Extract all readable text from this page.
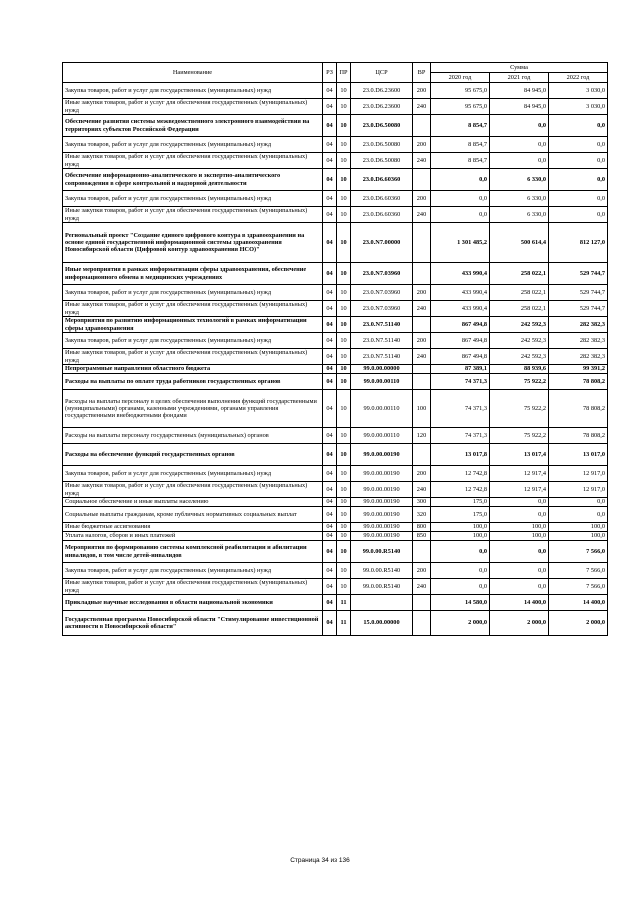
Наименование	РЗ	ПР	ЦСР	ВР	Сумма		
					2020 год	2021 год	2022 год
Закупка товаров, работ и услуг для государственных (муниципальных) нужд	04	10	23.0.D6.23600	200	95 675,0	84 945,0	3 030,0
Иные закупки товаров, работ и услуг для обеспечения государственных (муниципальных) нужд	04	10	23.0.D6.23600	240	95 675,0	84 945,0	3 030,0
Обеспечение развития системы межведомственного электронного взаимодействия на территориях субъектов Российской Федерации	04	10	23.0.D6.50080		8 854,7	0,0	0,0
Закупка товаров, работ и услуг для государственных (муниципальных) нужд	04	10	23.0.D6.50080	200	8 854,7	0,0	0,0
Иные закупки товаров, работ и услуг для обеспечения государственных (муниципальных) нужд	04	10	23.0.D6.50080	240	8 854,7	0,0	0,0
Обеспечение информационно-аналитического и экспертно-аналитического сопровождения в сфере контрольной и надзорной деятельности	04	10	23.0.D6.60360		0,0	6 330,0	0,0
Закупка товаров, работ и услуг для государственных (муниципальных) нужд	04	10	23.0.D6.60360	200	0,0	6 330,0	0,0
Иные закупки товаров, работ и услуг для обеспечения государственных (муниципальных) нужд	04	10	23.0.D6.60360	240	0,0	6 330,0	0,0
Региональный проект "Создание единого цифрового контура в здравоохранении на основе единой государственной информационной системы здравоохранения Новосибирской области (Цифровой контур здравоохранения НСО)"	04	10	23.0.N7.00000		1 301 485,2	500 614,4	812 127,0
Иные мероприятия в рамках информатизации сферы здравоохранения, обеспечение информационного обмена в медицинских учреждениях	04	10	23.0.N7.03960		433 990,4	258 022,1	529 744,7
Закупка товаров, работ и услуг для государственных (муниципальных) нужд	04	10	23.0.N7.03960	200	433 990,4	258 022,1	529 744,7
Иные закупки товаров, работ и услуг для обеспечения государственных (муниципальных) нужд	04	10	23.0.N7.03960	240	433 990,4	258 022,1	529 744,7
Мероприятия по развитию информационных технологий в рамках информатизации сферы здравоохранения	04	10	23.0.N7.51140		867 494,8	242 592,3	282 382,3
Закупка товаров, работ и услуг для государственных (муниципальных) нужд	04	10	23.0.N7.51140	200	867 494,8	242 592,3	282 382,3
Иные закупки товаров, работ и услуг для обеспечения государственных (муниципальных) нужд	04	10	23.0.N7.51140	240	867 494,8	242 592,3	282 382,3
Непрограммные направления областного бюджета	04	10	99.0.00.00000		87 389,1	88 939,6	99 391,2
Расходы на выплаты по оплате труда работников государственных органов	04	10	99.0.00.00110		74 371,3	75 922,2	78 808,2
Расходы на выплаты персоналу в целях обеспечения выполнения функций государственными (муниципальными) органами, казенными учреждениями, органами управления государственными внебюджетными фондами	04	10	99.0.00.00110	100	74 371,3	75 922,2	78 808,2
Расходы на выплаты персоналу государственных (муниципальных) органов	04	10	99.0.00.00110	120	74 371,3	75 922,2	78 808,2
Расходы на обеспечение функций государственных органов	04	10	99.0.00.00190		13 017,8	13 017,4	13 017,0
Закупка товаров, работ и услуг для государственных (муниципальных) нужд	04	10	99.0.00.00190	200	12 742,8	12 917,4	12 917,0
Иные закупки товаров, работ и услуг для обеспечения государственных (муниципальных) нужд	04	10	99.0.00.00190	240	12 742,8	12 917,4	12 917,0
Социальное обеспечение и иные выплаты населению	04	10	99.0.00.00190	300	175,0	0,0	0,0
Социальные выплаты гражданам, кроме публичных нормативных социальных выплат	04	10	99.0.00.00190	320	175,0	0,0	0,0
Иные бюджетные ассигнования	04	10	99.0.00.00190	800	100,0	100,0	100,0
Уплата налогов, сборов и иных платежей	04	10	99.0.00.00190	850	100,0	100,0	100,0
Мероприятия по формированию системы комплексной реабилитации и абилитации инвалидов, в том числе детей-инвалидов	04	10	99.0.00.R5140		0,0	0,0	7 566,0
Закупка товаров, работ и услуг для государственных (муниципальных) нужд	04	10	99.0.00.R5140	200	0,0	0,0	7 566,0
Иные закупки товаров, работ и услуг для обеспечения государственных (муниципальных) нужд	04	10	99.0.00.R5140	240	0,0	0,0	7 566,0
Прикладные научные исследования в области национальной экономики	04	11			14 580,0	14 400,0	14 400,0
Государственная программа Новосибирской области "Стимулирование инвестиционной активности в Новосибирской области"	04	11	15.0.00.00000		2 000,0	2 000,0	2 000,0
Страница 34 из 136
